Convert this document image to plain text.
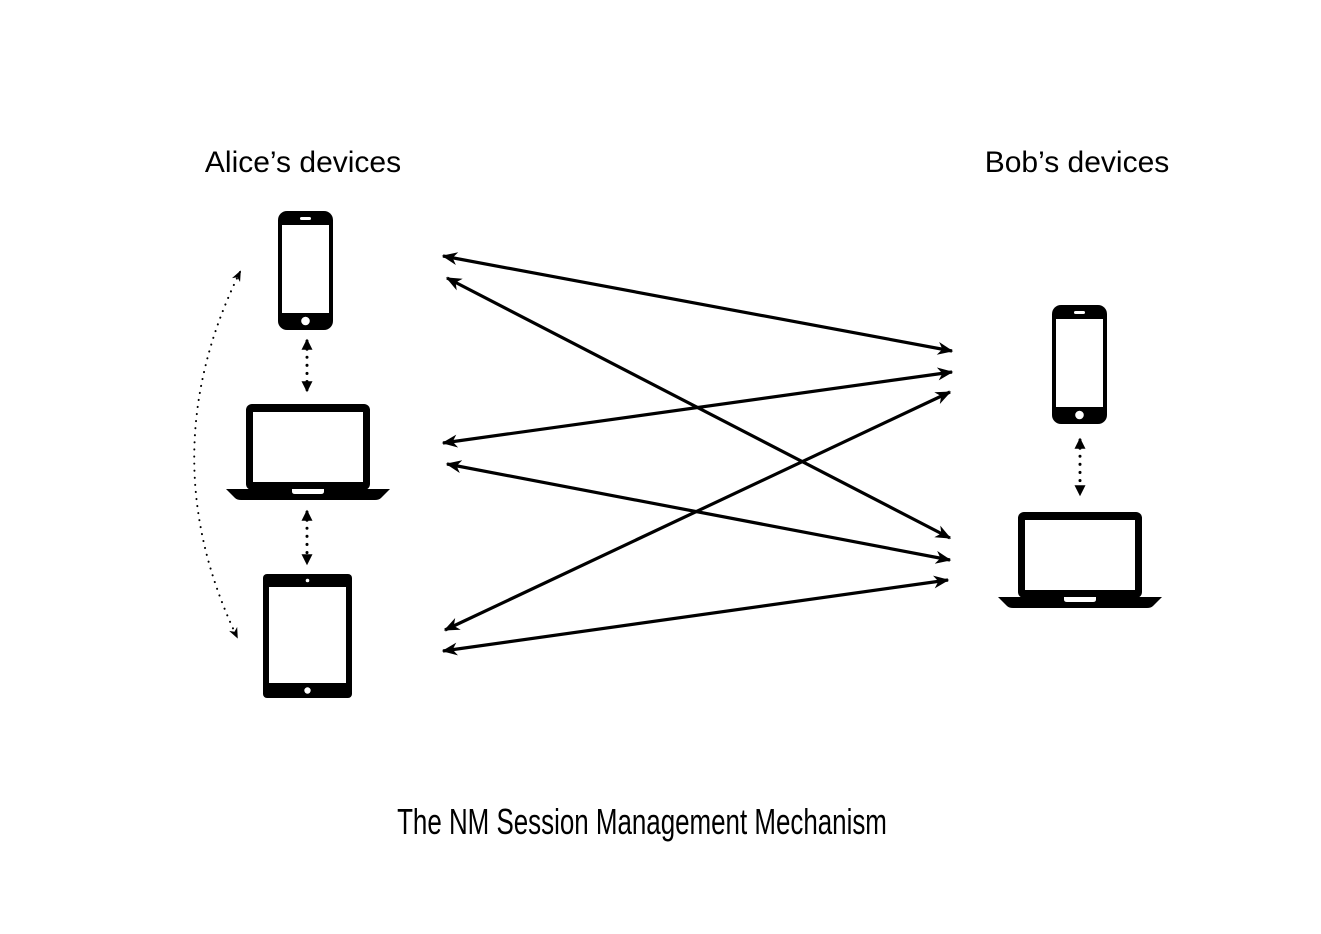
Alice’s devices	Bob’s devices
The NM Session Management Mechanism
